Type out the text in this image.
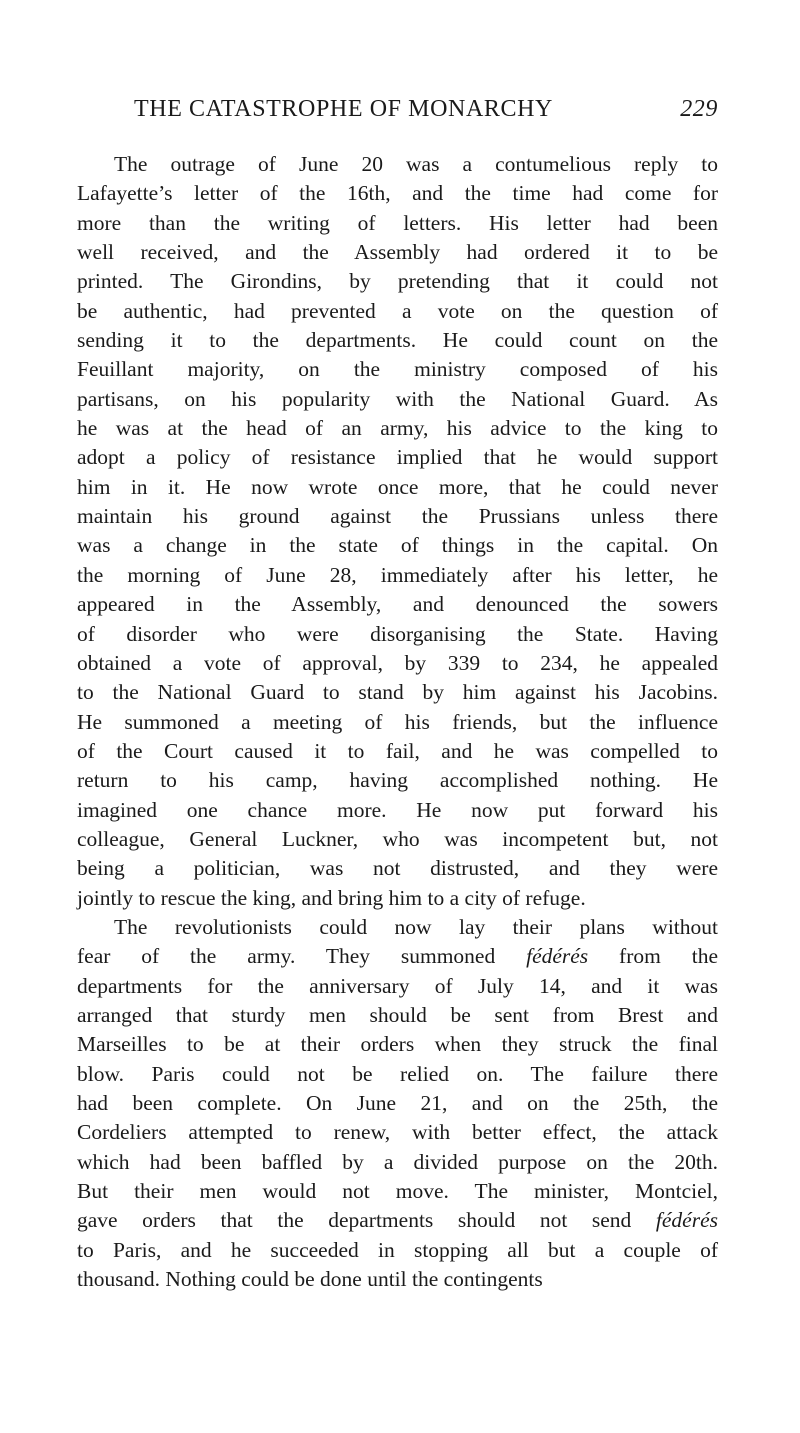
THE CATASTROPHE OF MONARCHY	229
The outrage of June 20 was a contumelious reply to
Lafayette’s letter of the 16th, and the time had come for
more than the writing of letters. His letter had been
well received, and the Assembly had ordered it to be
printed. The Girondins, by pretending that it could not
be authentic, had prevented a vote on the question of
sending it to the departments. He could count on the
Feuillant majority, on the ministry composed of his
partisans, on his popularity with the National Guard. As
he was at the head of an army, his advice to the king to
adopt a policy of resistance implied that he would support
him in it. He now wrote once more, that he could never
maintain his ground against the Prussians unless there
was a change in the state of things in the capital. On
the morning of June 28, immediately after his letter, he
appeared in the Assembly, and denounced the sowers
of disorder who were disorganising the State. Having
obtained a vote of approval, by 339 to 234, he appealed
to the National Guard to stand by him against his Jacobins.
He summoned a meeting of his friends, but the influence
of the Court caused it to fail, and he was compelled to
return to his camp, having accomplished nothing. He
imagined one chance more. He now put forward his
colleague, General Luckner, who was incompetent but, not
being a politician, was not distrusted, and they were
jointly to rescue the king, and bring him to a city of refuge.
The revolutionists could now lay their plans without
fear of the army. They summoned fédérés from the
departments for the anniversary of July 14, and it was
arranged that sturdy men should be sent from Brest and
Marseilles to be at their orders when they struck the final
blow. Paris could not be relied on. The failure there
had been complete. On June 21, and on the 25th, the
Cordeliers attempted to renew, with better effect, the attack
which had been baffled by a divided purpose on the 20th.
But their men would not move. The minister, Montciel,
gave orders that the departments should not send fédérés
to Paris, and he succeeded in stopping all but a couple of
thousand. Nothing could be done until the contingents
